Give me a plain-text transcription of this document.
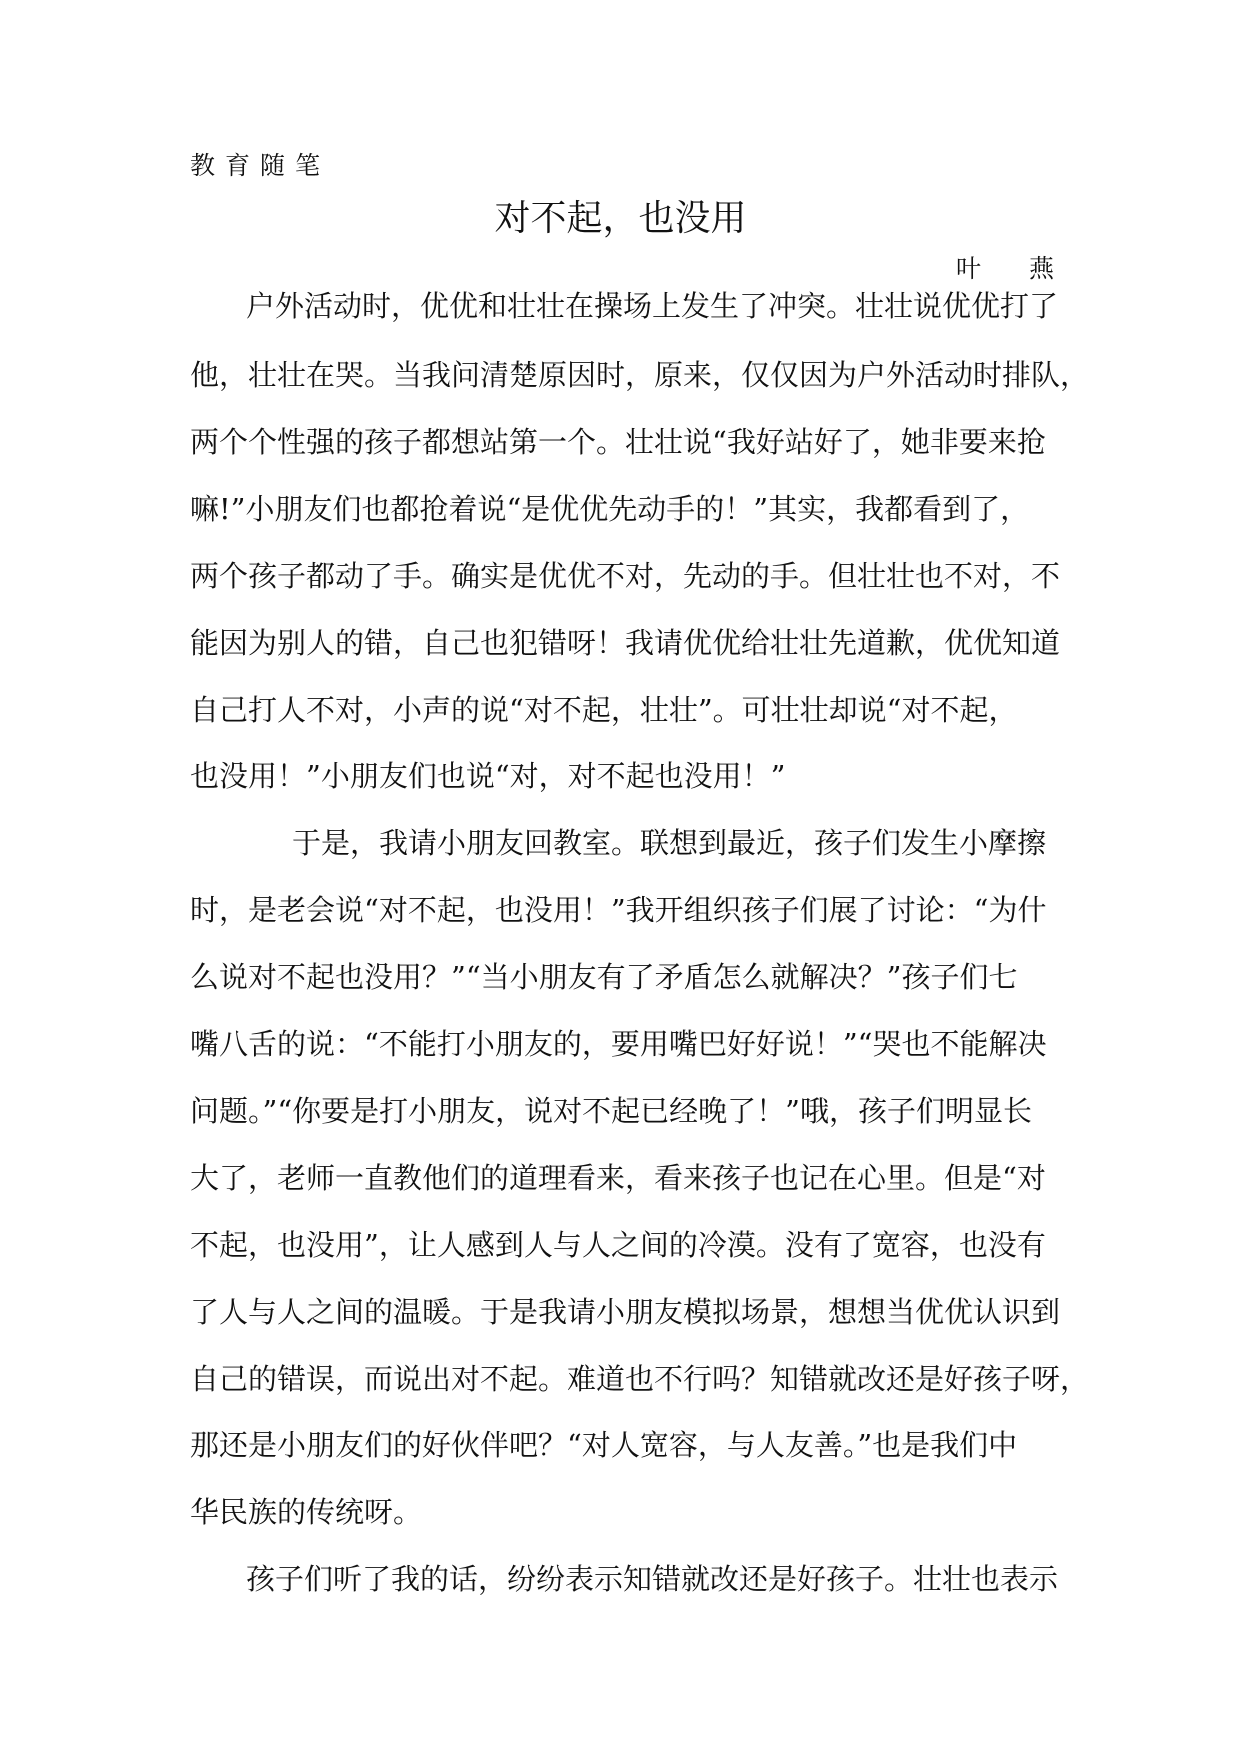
教育随笔
对不起，也没用
叶燕
户外活动时，优优和壮壮在操场上发生了冲突。壮壮说优优打了
他，壮壮在哭。当我问清楚原因时，原来，仅仅因为户外活动时排队，
两个个性强的孩子都想站第一个。壮壮说“我好站好了，她非要来抢
嘛!”小朋友们也都抢着说“是优优先动手的！”其实，我都看到了，
两个孩子都动了手。确实是优优不对，先动的手。但壮壮也不对，不
能因为别人的错，自己也犯错呀！我请优优给壮壮先道歉，优优知道
自己打人不对，小声的说“对不起，壮壮”。可壮壮却说“对不起，
也没用！”小朋友们也说“对，对不起也没用！”
于是，我请小朋友回教室。联想到最近，孩子们发生小摩擦
时，是老会说“对不起，也没用！”我开组织孩子们展了讨论：“为什
么说对不起也没用？”“当小朋友有了矛盾怎么就解决？”孩子们七
嘴八舌的说：“不能打小朋友的，要用嘴巴好好说！”“哭也不能解决
问题。”“你要是打小朋友，说对不起已经晚了！”哦，孩子们明显长
大了，老师一直教他们的道理看来，看来孩子也记在心里。但是“对
不起，也没用”，让人感到人与人之间的冷漠。没有了宽容，也没有
了人与人之间的温暖。于是我请小朋友模拟场景，想想当优优认识到
自己的错误，而说出对不起。难道也不行吗？知错就改还是好孩子呀，
那还是小朋友们的好伙伴吧？“对人宽容，与人友善。”也是我们中
华民族的传统呀。
孩子们听了我的话，纷纷表示知错就改还是好孩子。壮壮也表示
